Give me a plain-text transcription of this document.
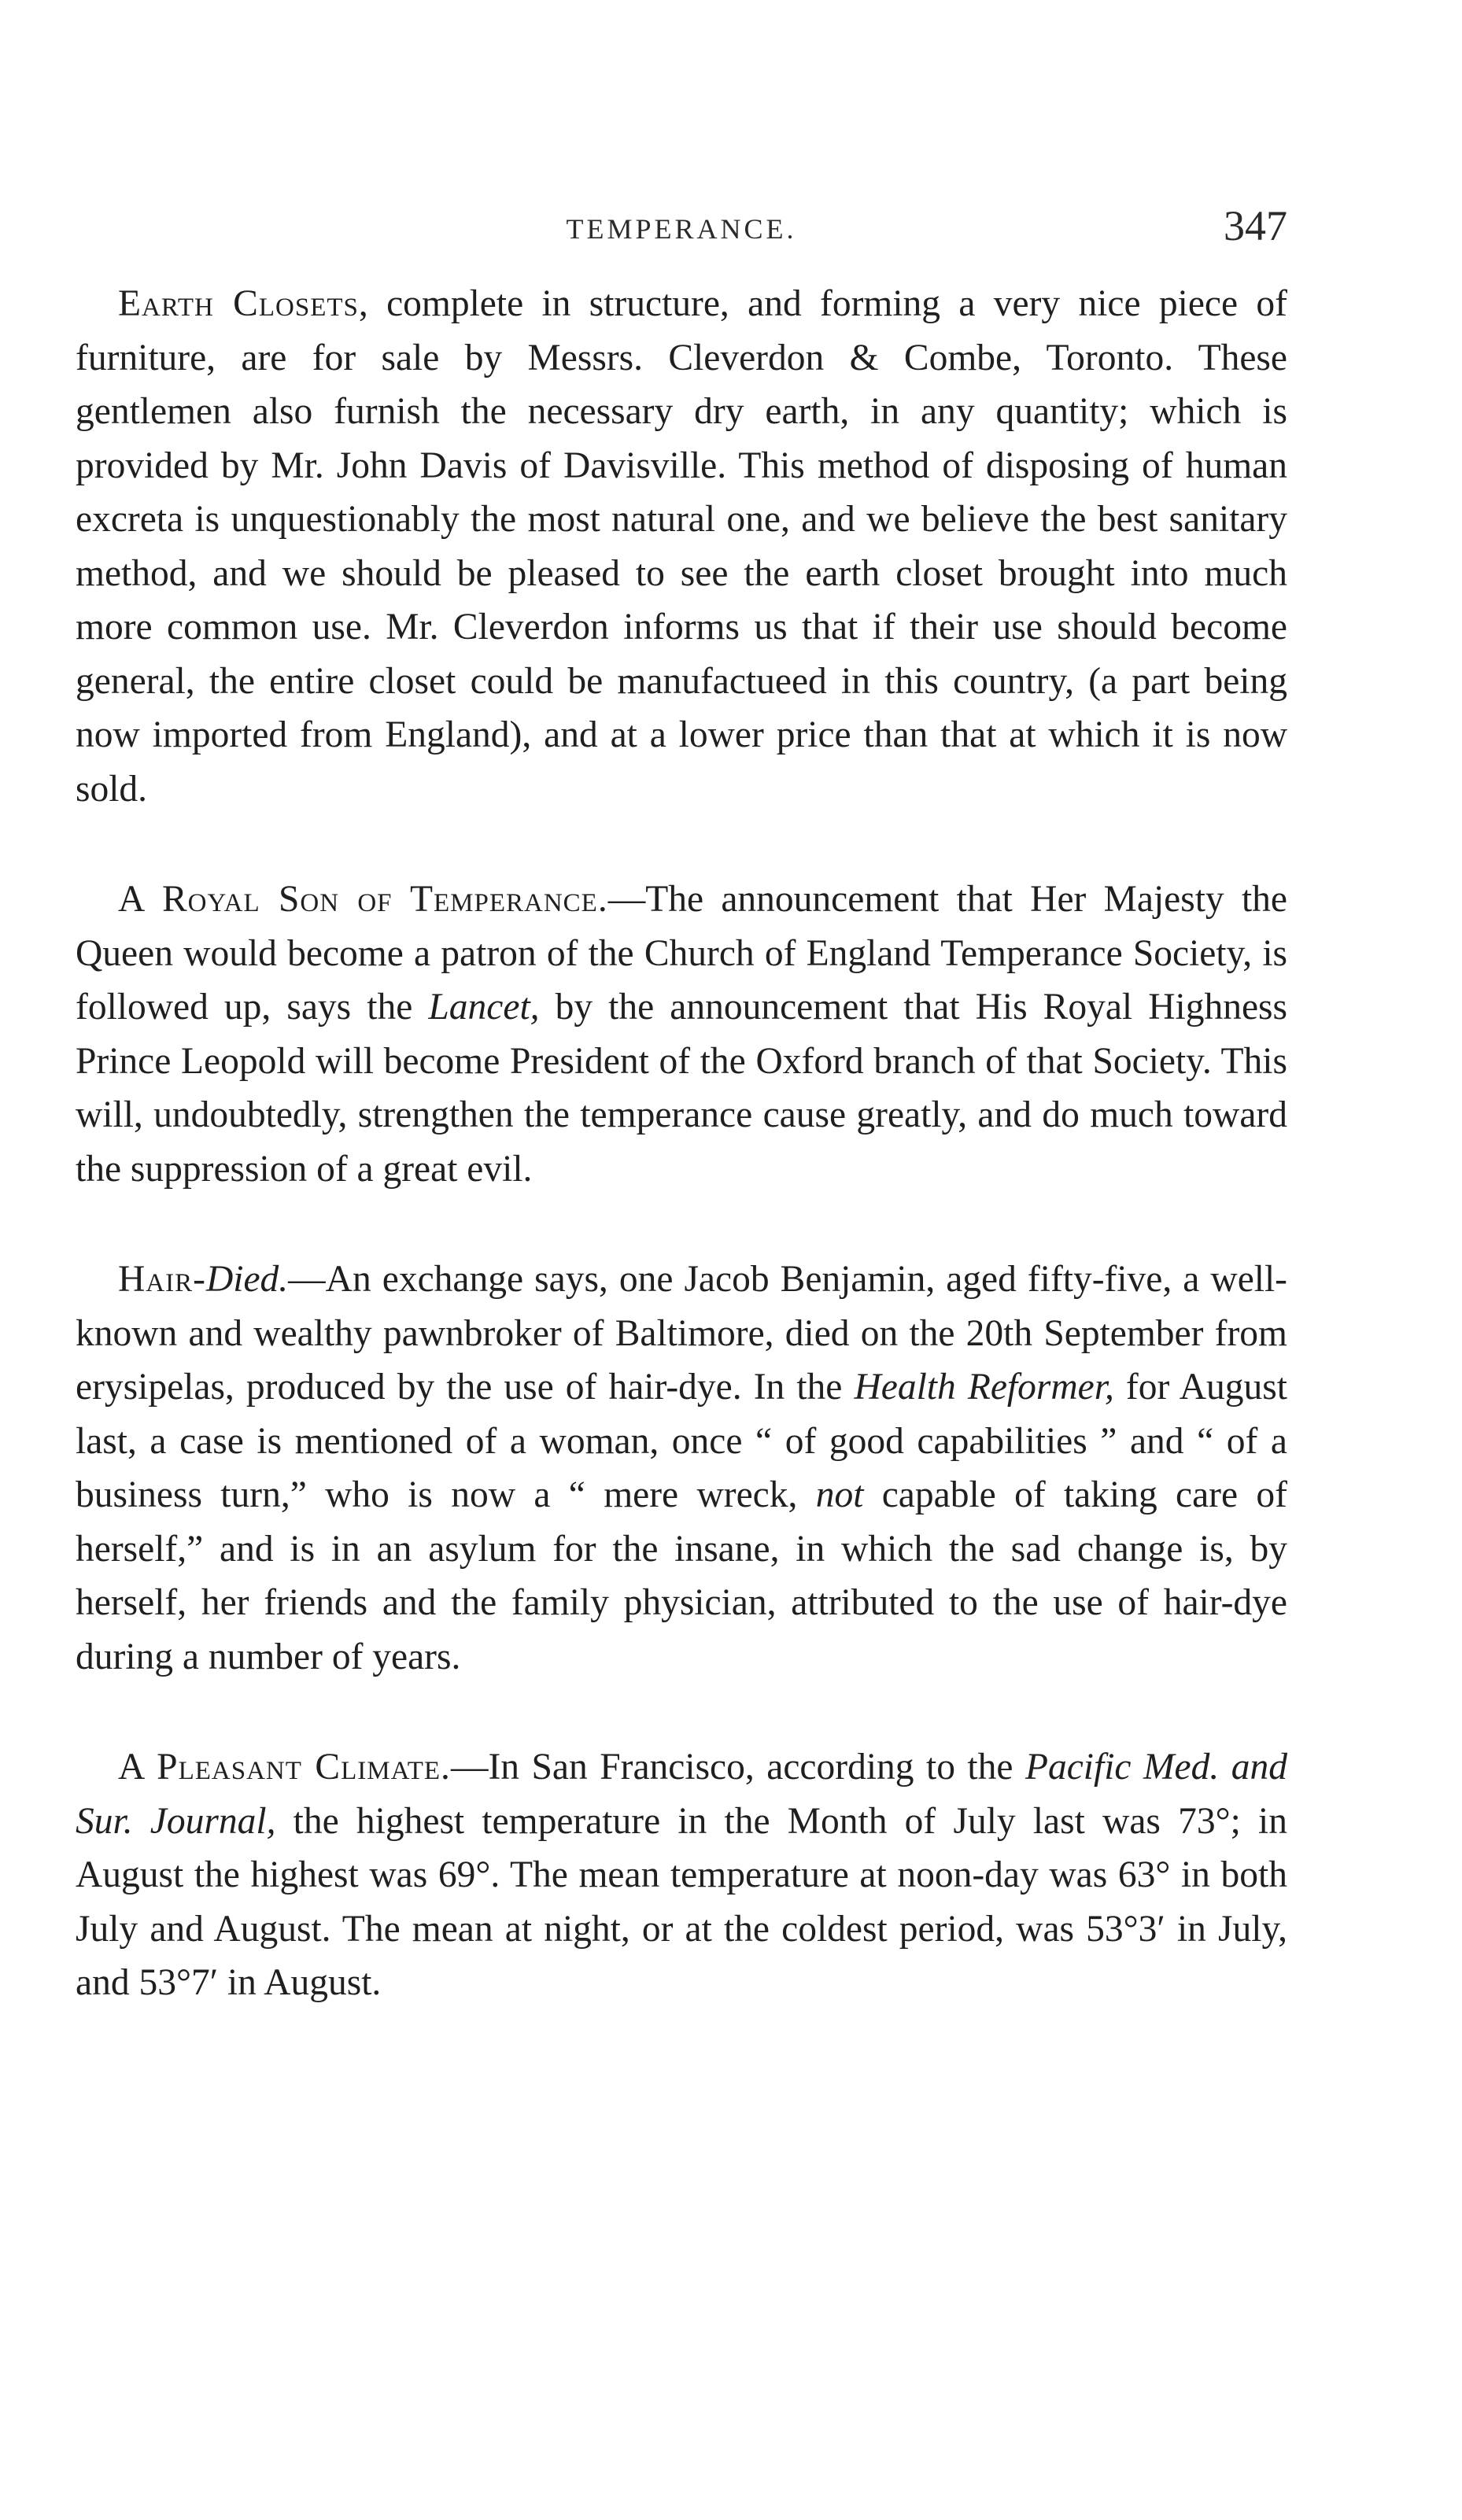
TEMPERANCE.	347

Earth Closets, complete in structure, and forming a very nice piece of furniture, are for sale by Messrs. Cleverdon & Combe, Toronto. These gentlemen also furnish the necessary dry earth, in any quantity; which is provided by Mr. John Davis of Davisville. This method of disposing of human excreta is unquestionably the most natural one, and we believe the best sanitary method, and we should be pleased to see the earth closet brought into much more common use. Mr. Cleverdon informs us that if their use should become general, the entire closet could be manufactueed in this country, (a part being now imported from England), and at a lower price than that at which it is now sold.

A Royal Son of Temperance.—The announcement that Her Majesty the Queen would become a patron of the Church of England Temperance Society, is followed up, says the Lancet, by the announcement that His Royal Highness Prince Leopold will become President of the Oxford branch of that Society. This will, undoubtedly, strengthen the temperance cause greatly, and do much toward the suppression of a great evil.

Hair-Died.—An exchange says, one Jacob Benjamin, aged fifty-five, a well-known and wealthy pawnbroker of Baltimore, died on the 20th September from erysipelas, produced by the use of hair-dye. In the Health Reformer, for August last, a case is mentioned of a woman, once “ of good capabilities ” and “ of a business turn,” who is now a “ mere wreck, not capable of taking care of herself,” and is in an asylum for the insane, in which the sad change is, by herself, her friends and the family physician, attributed to the use of hair-dye during a number of years.

A Pleasant Climate.—In San Francisco, according to the Pacific Med. and Sur. Journal, the highest temperature in the Month of July last was 73°; in August the highest was 69°. The mean temperature at noon-day was 63° in both July and August. The mean at night, or at the coldest period, was 53°3′ in July, and 53°7′ in August.
